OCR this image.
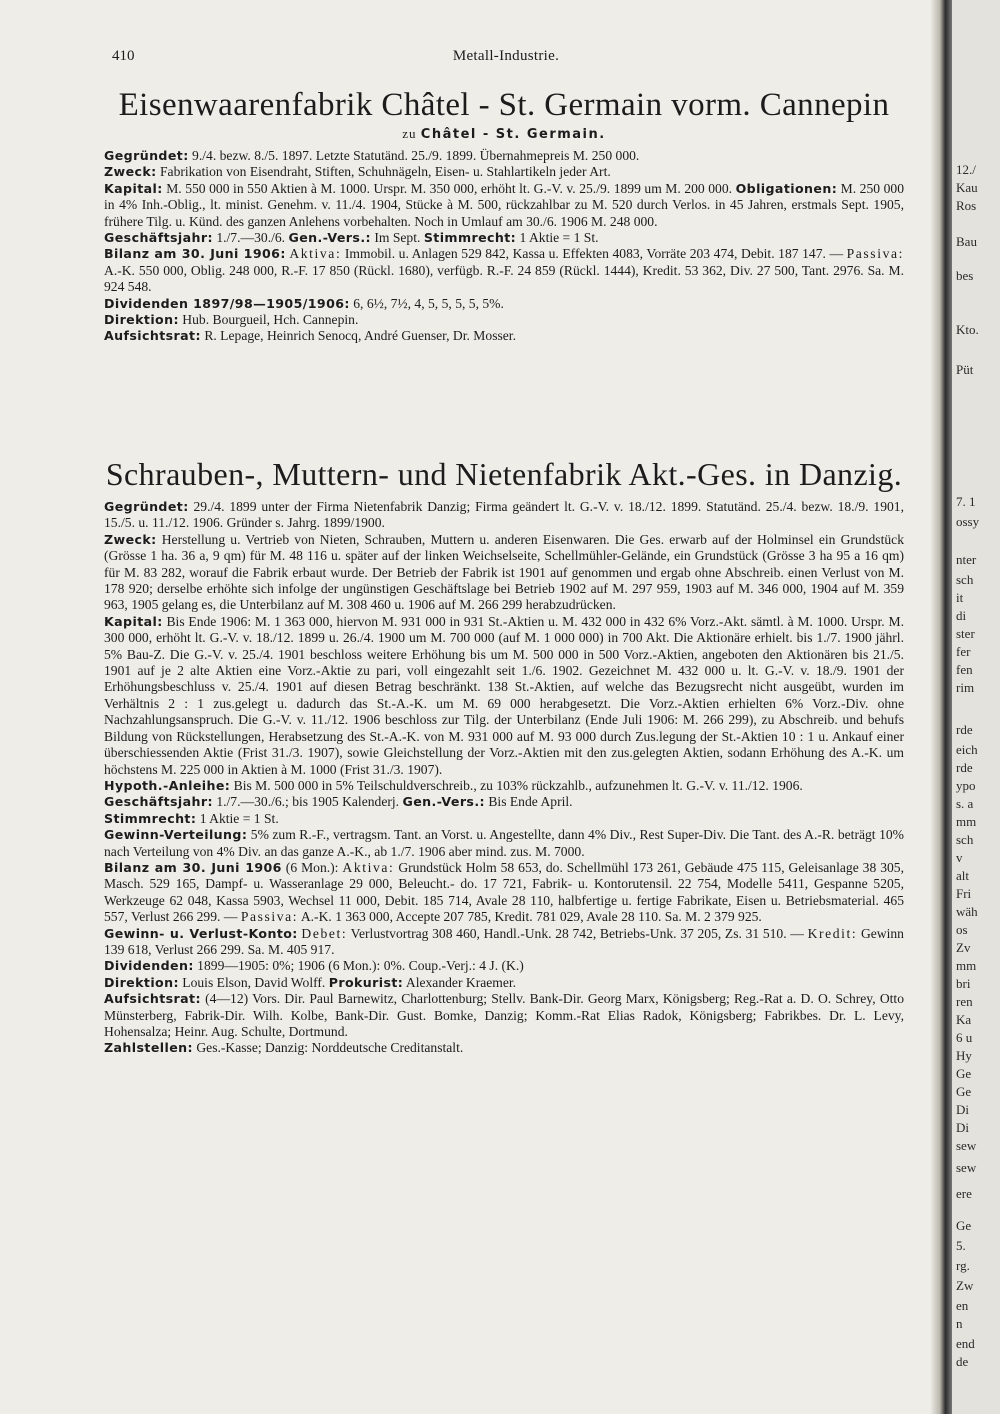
410	Metall-Industrie.
Eisenwaarenfabrik Châtel - St. Germain vorm. Cannepin
zu Châtel - St. Germain.

Gegründet: 9./4. bezw. 8./5. 1897. Letzte Statutänd. 25./9. 1899. Übernahmepreis M. 250 000.

Zweck: Fabrikation von Eisendraht, Stiften, Schuhnägeln, Eisen- u. Stahlartikeln jeder Art.

Kapital: M. 550 000 in 550 Aktien à M. 1000. Urspr. M. 350 000, erhöht lt. G.-V. v. 25./9. 1899 um M. 200 000. Obligationen: M. 250 000 in 4% Inh.-Oblig., lt. minist. Genehm. v. 11./4. 1904, Stücke à M. 500, rückzahlbar zu M. 520 durch Verlos. in 45 Jahren, erstmals Sept. 1905, frühere Tilg. u. Künd. des ganzen Anlehens vorbehalten. Noch in Umlauf am 30./6. 1906 M. 248 000.

Geschäftsjahr: 1./7.—30./6. Gen.-Vers.: Im Sept. Stimmrecht: 1 Aktie = 1 St.

Bilanz am 30. Juni 1906: Aktiva: Immobil. u. Anlagen 529 842, Kassa u. Effekten 4083, Vorräte 203 474, Debit. 187 147. — Passiva: A.-K. 550 000, Oblig. 248 000, R.-F. 17 850 (Rückl. 1680), verfügb. R.-F. 24 859 (Rückl. 1444), Kredit. 53 362, Div. 27 500, Tant. 2976. Sa. M. 924 548.

Dividenden 1897/98—1905/1906: 6, 6½, 7½, 4, 5, 5, 5, 5, 5%.

Direktion: Hub. Bourgueil, Hch. Cannepin.

Aufsichtsrat: R. Lepage, Heinrich Senocq, André Guenser, Dr. Mosser.

Schrauben-, Muttern- und Nietenfabrik Akt.-Ges. in Danzig.

Gegründet: 29./4. 1899 unter der Firma Nietenfabrik Danzig; Firma geändert lt. G.-V. v. 18./12. 1899. Statutänd. 25./4. bezw. 18./9. 1901, 15./5. u. 11./12. 1906. Gründer s. Jahrg. 1899/1900.

Zweck: Herstellung u. Vertrieb von Nieten, Schrauben, Muttern u. anderen Eisenwaren. Die Ges. erwarb auf der Holminsel ein Grundstück (Grösse 1 ha. 36 a, 9 qm) für M. 48 116 u. später auf der linken Weichselseite, Schellmühler-Gelände, ein Grundstück (Grösse 3 ha 95 a 16 qm) für M. 83 282, worauf die Fabrik erbaut wurde. Der Betrieb der Fabrik ist 1901 auf genommen und ergab ohne Abschreib. einen Verlust von M. 178 920; derselbe erhöhte sich infolge der ungünstigen Geschäftslage bei Betrieb 1902 auf M. 297 959, 1903 auf M. 346 000, 1904 auf M. 359 963, 1905 gelang es, die Unterbilanz auf M. 308 460 u. 1906 auf M. 266 299 herabzudrücken.

Kapital: Bis Ende 1906: M. 1 363 000, hiervon M. 931 000 in 931 St.-Aktien u. M. 432 000 in 432 6% Vorz.-Akt. sämtl. à M. 1000. Urspr. M. 300 000, erhöht lt. G.-V. v. 18./12. 1899 u. 26./4. 1900 um M. 700 000 (auf M. 1 000 000) in 700 Akt. Die Aktionäre erhielt. bis 1./7. 1900 jährl. 5% Bau-Z. Die G.-V. v. 25./4. 1901 beschloss weitere Erhöhung bis um M. 500 000 in 500 Vorz.-Aktien, angeboten den Aktionären bis 21./5. 1901 auf je 2 alte Aktien eine Vorz.-Aktie zu pari, voll eingezahlt seit 1./6. 1902. Gezeichnet M. 432 000 u. lt. G.-V. v. 18./9. 1901 der Erhöhungsbeschluss v. 25./4. 1901 auf diesen Betrag beschränkt. 138 St.-Aktien, auf welche das Bezugsrecht nicht ausgeübt, wurden im Verhältnis 2 : 1 zus.gelegt u. dadurch das St.-A.-K. um M. 69 000 herabgesetzt. Die Vorz.-Aktien erhielten 6% Vorz.-Div. ohne Nachzahlungsanspruch. Die G.-V. v. 11./12. 1906 beschloss zur Tilg. der Unterbilanz (Ende Juli 1906: M. 266 299), zu Abschreib. und behufs Bildung von Rückstellungen, Herabsetzung des St.-A.-K. von M. 931 000 auf M. 93 000 durch Zus.legung der St.-Aktien 10 : 1 u. Ankauf einer überschiessenden Aktie (Frist 31./3. 1907), sowie Gleichstellung der Vorz.-Aktien mit den zus.gelegten Aktien, sodann Erhöhung des A.-K. um höchstens M. 225 000 in Aktien à M. 1000 (Frist 31./3. 1907).

Hypoth.-Anleihe: Bis M. 500 000 in 5% Teilschuldverschreib., zu 103% rückzahlb., aufzunehmen lt. G.-V. v. 11./12. 1906.

Geschäftsjahr: 1./7.—30./6.; bis 1905 Kalenderj. Gen.-Vers.: Bis Ende April.

Stimmrecht: 1 Aktie = 1 St.

Gewinn-Verteilung: 5% zum R.-F., vertragsm. Tant. an Vorst. u. Angestellte, dann 4% Div., Rest Super-Div. Die Tant. des A.-R. beträgt 10% nach Verteilung von 4% Div. an das ganze A.-K., ab 1./7. 1906 aber mind. zus. M. 7000.

Bilanz am 30. Juni 1906 (6 Mon.): Aktiva: Grundstück Holm 58 653, do. Schellmühl 173 261, Gebäude 475 115, Geleisanlage 38 305, Masch. 529 165, Dampf- u. Wasseranlage 29 000, Beleucht.- do. 17 721, Fabrik- u. Kontorutensil. 22 754, Modelle 5411, Gespanne 5205, Werkzeuge 62 048, Kassa 5903, Wechsel 11 000, Debit. 185 714, Avale 28 110, halbfertige u. fertige Fabrikate, Eisen u. Betriebsmaterial. 465 557, Verlust 266 299. — Passiva: A.-K. 1 363 000, Accepte 207 785, Kredit. 781 029, Avale 28 110. Sa. M. 2 379 925.

Gewinn- u. Verlust-Konto: Debet: Verlustvortrag 308 460, Handl.-Unk. 28 742, Betriebs-Unk. 37 205, Zs. 31 510. — Kredit: Gewinn 139 618, Verlust 266 299. Sa. M. 405 917.

Dividenden: 1899—1905: 0%; 1906 (6 Mon.): 0%. Coup.-Verj.: 4 J. (K.)

Direktion: Louis Elson, David Wolff. Prokurist: Alexander Kraemer.

Aufsichtsrat: (4—12) Vors. Dir. Paul Barnewitz, Charlottenburg; Stellv. Bank-Dir. Georg Marx, Königsberg; Reg.-Rat a. D. O. Schrey, Otto Münsterberg, Fabrik-Dir. Wilh. Kolbe, Bank-Dir. Gust. Bomke, Danzig; Komm.-Rat Elias Radok, Königsberg; Fabrikbes. Dr. L. Levy, Hohensalza; Heinr. Aug. Schulte, Dortmund.

Zahlstellen: Ges.-Kasse; Danzig: Norddeutsche Creditanstalt.

12./
Kau
Ros
Bau
bes
Kto.
Püt
7. 1
ossy
nter
sch
it
di
ster
fer
fen
rim
rde
eich
rde
ypo
s. a
mm
sch
v
alt
Fri
wäh
os
Zv
mm
bri
ren
Ka
6 u
Hy
Ge
Ge
Di
Di
sew
sew
ere
Ge
5.
rg.
Zw
en
n
end
de
